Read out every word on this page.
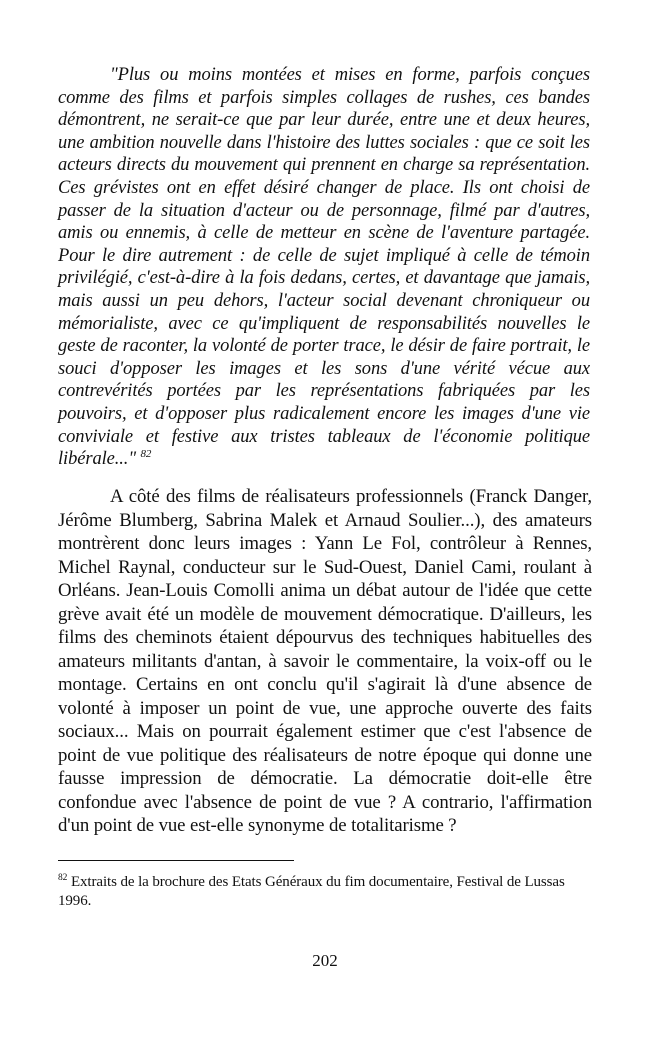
"Plus ou moins montées et mises en forme, parfois conçues comme des films et parfois simples collages de rushes, ces bandes démontrent, ne serait-ce que par leur durée, entre une et deux heures, une ambition nouvelle dans l'histoire des luttes sociales : que ce soit les acteurs directs du mouvement qui prennent en charge sa représentation. Ces grévistes ont en effet désiré changer de place. Ils ont choisi de passer de la situation d'acteur ou de personnage, filmé par d'autres, amis ou ennemis, à celle de metteur en scène de l'aventure partagée. Pour le dire autrement : de celle de sujet impliqué à celle de témoin privilégié, c'est-à-dire à la fois dedans, certes, et davantage que jamais, mais aussi un peu dehors, l'acteur social devenant chroniqueur ou mémorialiste, avec ce qu'impliquent de responsabilités nouvelles le geste de raconter, la volonté de porter trace, le désir de faire portrait, le souci d'opposer les images et les sons d'une vérité vécue aux contrevérités portées par les représentations fabriquées par les pouvoirs, et d'opposer plus radicalement encore les images d'une vie conviviale et festive aux tristes tableaux de l'économie politique libérale..." $^{82}$

A côté des films de réalisateurs professionnels (Franck Danger, Jérôme Blumberg, Sabrina Malek et Arnaud Soulier...), des amateurs montrèrent donc leurs images : Yann Le Fol, contrôleur à Rennes, Michel Raynal, conducteur sur le Sud-Ouest, Daniel Cami, roulant à Orléans. Jean-Louis Comolli anima un débat autour de l'idée que cette grève avait été un modèle de mouvement démocratique. D'ailleurs, les films des cheminots étaient dépourvus des techniques habituelles des amateurs militants d'antan, à savoir le commentaire, la voix-off ou le montage. Certains en ont conclu qu'il s'agirait là d'une absence de volonté à imposer un point de vue, une approche ouverte des faits sociaux... Mais on pourrait également estimer que c'est l'absence de point de vue politique des réalisateurs de notre époque qui donne une fausse impression de démocratie. La démocratie doit-elle être confondue avec l'absence de point de vue ? A contrario, l'affirmation d'un point de vue est-elle synonyme de totalitarisme ?

$^{82}$ Extraits de la brochure des Etats Généraux du fim documentaire, Festival de Lussas 1996.

202
